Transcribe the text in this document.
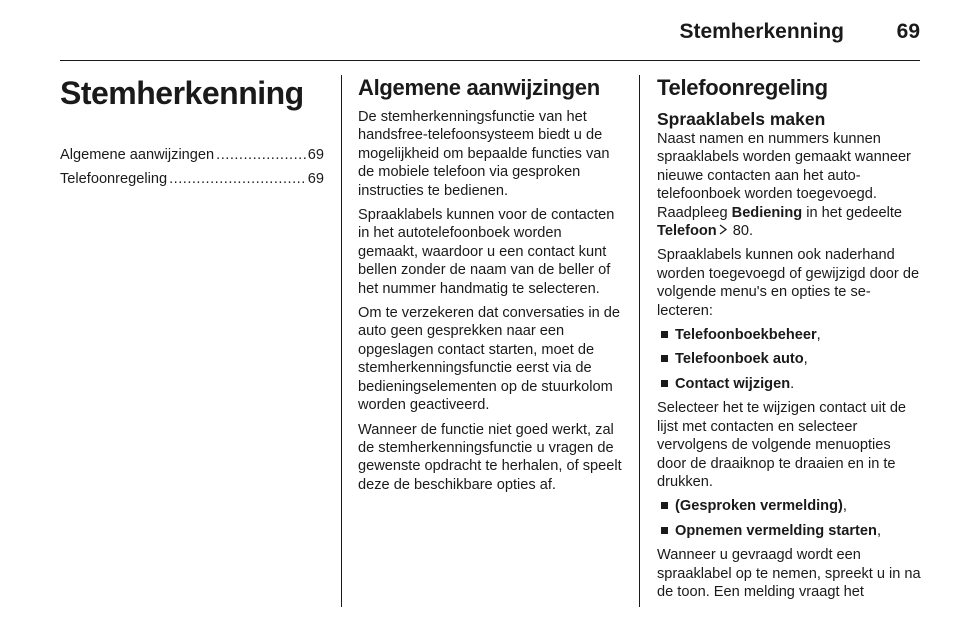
Stemherkenning	69
Stemherkenning
Algemene aanwijzingen .....	69
Telefoonregeling .....	69
Algemene aanwijzingen

De stemherkenningsfunctie van het handsfree-telefoonsysteem biedt u de mogelijkheid om bepaalde functies van de mobiele telefoon via gesproken instructies te bedienen.

Spraaklabels kunnen voor de contacten in het autotelefoonboek worden gemaakt, waardoor u een contact kunt bellen zonder de naam van de beller of het nummer handmatig te selecteren.

Om te verzekeren dat conversaties in de auto geen gesprekken naar een opgeslagen contact starten, moet de stemherkenningsfunctie eerst via de bedieningselementen op de stuurkolom worden geactiveerd.

Wanneer de functie niet goed werkt, zal de stemherkenningsfunctie u vragen de gewenste opdracht te herhalen, of speelt deze de beschikbare opties af.

Telefoonregeling
Spraaklabels maken

Naast namen en nummers kunnen spraaklabels worden gemaakt wanneer nieuwe contacten aan het autotelefoonboek worden toegevoegd. Raadpleeg Bediening in het gedeelte Telefoon 80.

Spraaklabels kunnen ook naderhand worden toegevoegd of gewijzigd door de volgende menu's en opties te selecteren:

Telefoonboekbeheer,
Telefoonboek auto,
Contact wijzigen.

Selecteer het te wijzigen contact uit de lijst met contacten en selecteer vervolgens de volgende menuopties door de draaiknop te draaien en in te drukken.

(Gesproken vermelding),
Opnemen vermelding starten,

Wanneer u gevraagd wordt een spraaklabel op te nemen, spreekt u in na de toon. Een melding vraagt het
